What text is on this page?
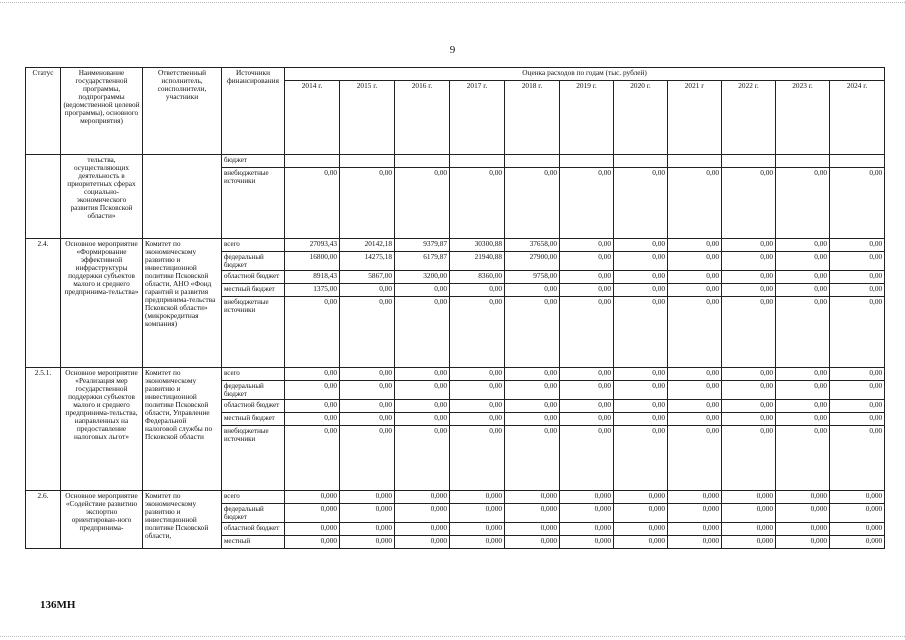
9
Статус	Наименование государственной программы, подпрограммы (ведомственной целевой программы), основного мероприятия)	Ответственный исполнитель, соисполнители, участники	Источники финансирования	Оценка расходов по годам (тыс. рублей)										
				2014 г.	2015 г.	2016 г.	2017 г.	2018 г.	2019 г.	2020 г.	2021 г	2022 г.	2023 г.	2024 г.
	тельства, осуществляющих деятельность в приоритетных сферах социально-экономического развития Псковской области»		бюджет											
			внебюджетные источники	0,00	0,00	0,00	0,00	0,00	0,00	0,00	0,00	0,00	0,00	0,00
2.4.	Основное мероприятие «Формирование эффективной инфраструктуры поддержки субъектов малого и среднего предпринима-тельства»	Комитет по экономическому развитию и инвестиционной политике Псковской области, АНО «Фонд гарантий и развития предпринима-тельства Псковской области» (микрокредитная компания)	всего	27093,43	20142,18	9379,87	30300,88	37658,00	0,00	0,00	0,00	0,00	0,00	0,00
			федеральный бюджет	16800,00	14275,18	6179,87	21940,88	27900,00	0,00	0,00	0,00	0,00	0,00	0,00
			областной бюджет	8918,43	5867,00	3200,00	8360,00	9758,00	0,00	0,00	0,00	0,00	0,00	0,00
			местный бюджет	1375,00	0,00	0,00	0,00	0,00	0,00	0,00	0,00	0,00	0,00	0,00
			внебюджетные источники	0,00	0,00	0,00	0,00	0,00	0,00	0,00	0,00	0,00	0,00	0,00
2.5.1.	Основное мероприятие «Реализация мер государственной поддержки субъектов малого и среднего предпринима-тельства, направленных на предоставление налоговых льгот»	Комитет по экономическому развитию и инвестиционной политике Псковской области, Управление Федеральной налоговой службы по Псковской области	всего	0,00	0,00	0,00	0,00	0,00	0,00	0,00	0,00	0,00	0,00	0,00
			федеральный бюджет	0,00	0,00	0,00	0,00	0,00	0,00	0,00	0,00	0,00	0,00	0,00
			областной бюджет	0,00	0,00	0,00	0,00	0,00	0,00	0,00	0,00	0,00	0,00	0,00
			местный бюджет	0,00	0,00	0,00	0,00	0,00	0,00	0,00	0,00	0,00	0,00	0,00
			внебюджетные источники	0,00	0,00	0,00	0,00	0,00	0,00	0,00	0,00	0,00	0,00	0,00
2.6.	Основное мероприятие «Содействие развитию экспортно ориентирован-ного предпринима-	Комитет по экономическому развитию и инвестиционной политике Псковской области,	всего	0,000	0,000	0,000	0,000	0,000	0,000	0,000	0,000	0,000	0,000	0,000
			федеральный бюджет	0,000	0,000	0,000	0,000	0,000	0,000	0,000	0,000	0,000	0,000	0,000
			областной бюджет	0,000	0,000	0,000	0,000	0,000	0,000	0,000	0,000	0,000	0,000	0,000
			местный	0,000	0,000	0,000	0,000	0,000	0,000	0,000	0,000	0,000	0,000	0,000
136МН
